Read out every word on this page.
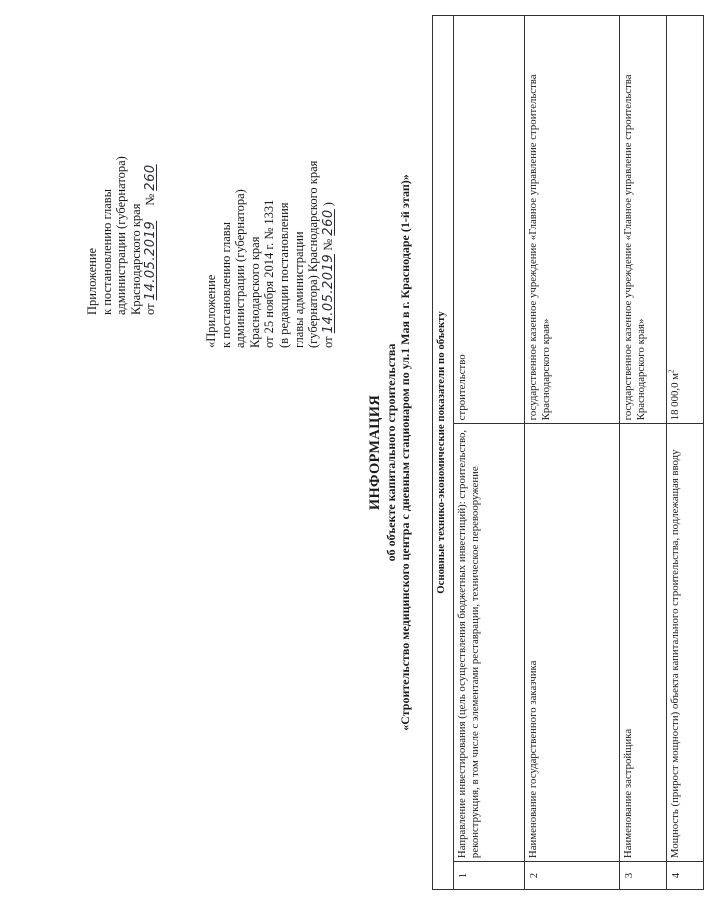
Приложение к постановлению главы администрации (губернатора) Краснодарского края от 14.05.2019 № 260
«Приложение к постановлению главы администрации (губернатора) Краснодарского края от 25 ноября 2014 г. № 1331 (в редакции постановления главы администрации (губернатора) Краснодарского края от 14.05.2019 № 260 )
ИНФОРМАЦИЯ об объекте капитального строительства «Строительство медицинского центра с дневным стационаром по ул.1 Мая в г. Краснодаре (1-й этап)» Основные технико-экономические показатели по объекту		
1	Направление инвестирования (цель осуществления бюджетных инвестиций): строительство, реконструкция, в том числе с элементами реставрации, техническое перевооружение	строительство
2	Наименование государственного заказчика	государственное казенное учреждение «Главное управление строительства Краснодарского края»
3	Наименование застройщика	государственное казенное учреждение «Главное управление строительства Краснодарского края»
4	Мощность (прирост мощности) объекта капитального строительства, подлежащая вводу	18 000,0 $м^2$
